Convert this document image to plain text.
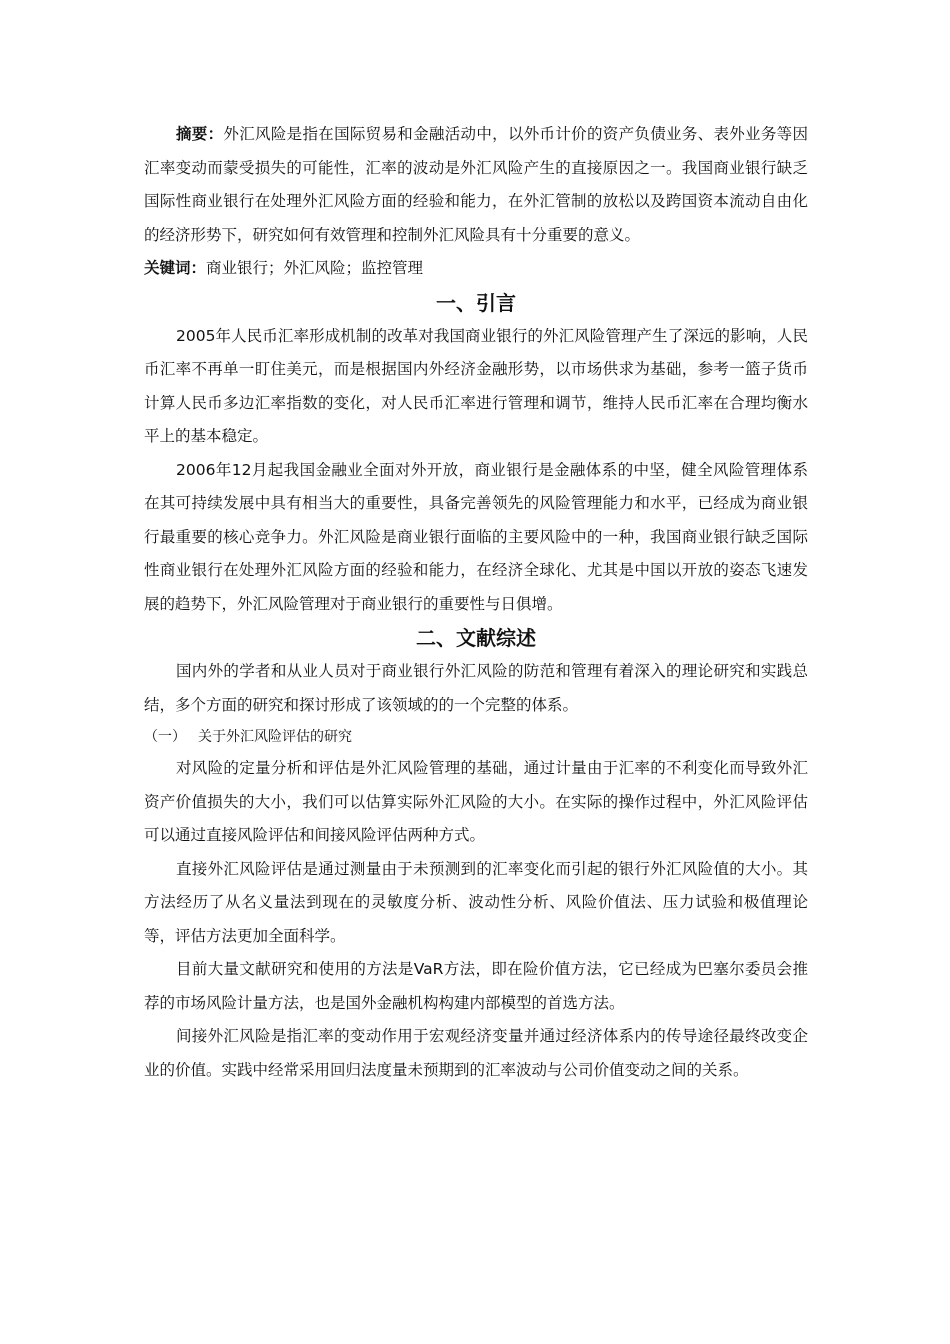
摘要：外汇风险是指在国际贸易和金融活动中，以外币计价的资产负债业务、表外业务等因汇率变动而蒙受损失的可能性，汇率的波动是外汇风险产生的直接原因之一。我国商业银行缺乏国际性商业银行在处理外汇风险方面的经验和能力，在外汇管制的放松以及跨国资本流动自由化的经济形势下，研究如何有效管理和控制外汇风险具有十分重要的意义。

关键词：商业银行；外汇风险；监控管理

一、引言

2005年人民币汇率形成机制的改革对我国商业银行的外汇风险管理产生了深远的影响，人民币汇率不再单一盯住美元，而是根据国内外经济金融形势，以市场供求为基础，参考一篮子货币计算人民币多边汇率指数的变化，对人民币汇率进行管理和调节，维持人民币汇率在合理均衡水平上的基本稳定。

2006年12月起我国金融业全面对外开放，商业银行是金融体系的中坚，健全风险管理体系在其可持续发展中具有相当大的重要性，具备完善领先的风险管理能力和水平，已经成为商业银行最重要的核心竞争力。外汇风险是商业银行面临的主要风险中的一种，我国商业银行缺乏国际性商业银行在处理外汇风险方面的经验和能力，在经济全球化、尤其是中国以开放的姿态飞速发展的趋势下，外汇风险管理对于商业银行的重要性与日俱增。

二、文献综述

国内外的学者和从业人员对于商业银行外汇风险的防范和管理有着深入的理论研究和实践总结，多个方面的研究和探讨形成了该领域的的一个完整的体系。

（一） 关于外汇风险评估的研究

对风险的定量分析和评估是外汇风险管理的基础，通过计量由于汇率的不利变化而导致外汇资产价值损失的大小，我们可以估算实际外汇风险的大小。在实际的操作过程中，外汇风险评估可以通过直接风险评估和间接风险评估两种方式。

直接外汇风险评估是通过测量由于未预测到的汇率变化而引起的银行外汇风险值的大小。其方法经历了从名义量法到现在的灵敏度分析、波动性分析、风险价值法、压力试验和极值理论等，评估方法更加全面科学。

目前大量文献研究和使用的方法是VaR方法，即在险价值方法，它已经成为巴塞尔委员会推荐的市场风险计量方法，也是国外金融机构构建内部模型的首选方法。

间接外汇风险是指汇率的变动作用于宏观经济变量并通过经济体系内的传导途径最终改变企业的价值。实践中经常采用回归法度量未预期到的汇率波动与公司价值变动之间的关系。
